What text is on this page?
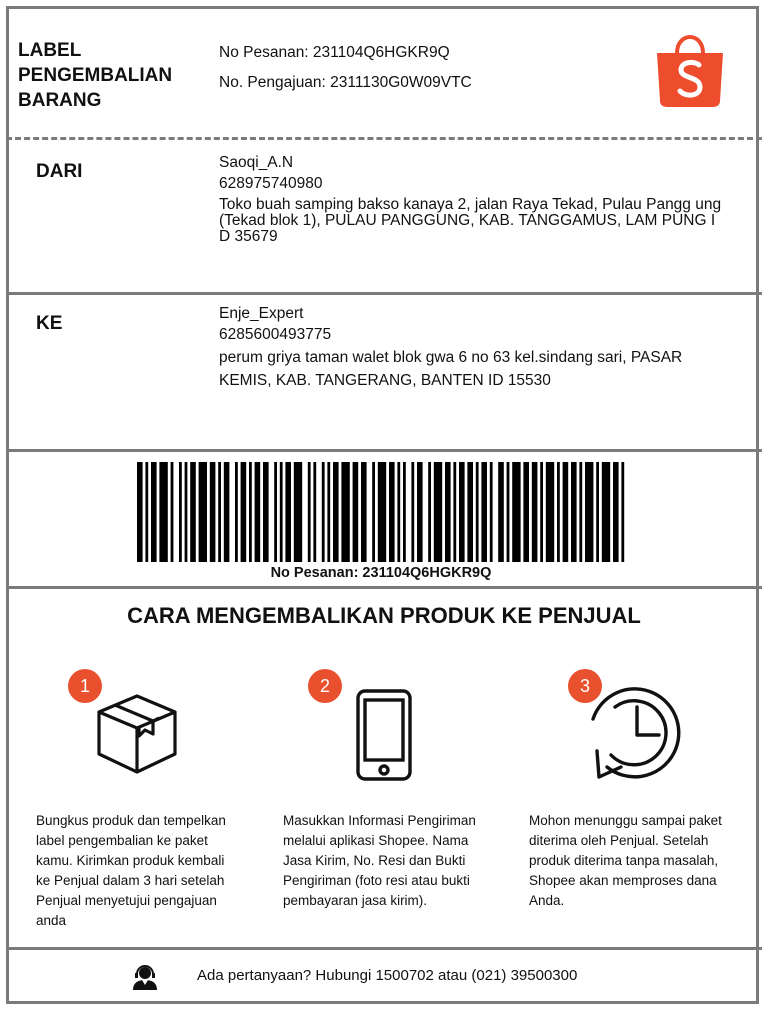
LABEL
PENGEMBALIAN
BARANG
No Pesanan: 231104Q6HGKR9Q
No. Pengajuan: 2311130G0W09VTC
DARI	Saoqi_A.N
628975740980
Toko buah samping bakso kanaya 2, jalan Raya Tekad, Pulau Pangg ung (Tekad blok 1), PULAU PANGGUNG, KAB. TANGGAMUS, LAM PUNG ID 35679
KE	Enje_Expert
6285600493775
perum griya taman walet blok gwa 6 no 63 kel.sindang sari, PASAR KEMIS, KAB. TANGERANG, BANTEN ID 15530
No Pesanan: 231104Q6HGKR9Q
CARA MENGEMBALIKAN PRODUK KE PENJUAL
1
Bungkus produk dan tempelkan label pengembalian ke paket kamu. Kirimkan produk kembali ke Penjual dalam 3 hari setelah Penjual menyetujui pengajuan anda
2
Masukkan Informasi Pengiriman melalui aplikasi Shopee. Nama Jasa Kirim, No. Resi dan Bukti Pengiriman (foto resi atau bukti pembayaran jasa kirim).
3
Mohon menunggu sampai paket diterima oleh Penjual. Setelah produk diterima tanpa masalah, Shopee akan memproses dana Anda.
Ada pertanyaan? Hubungi 1500702 atau (021) 39500300
